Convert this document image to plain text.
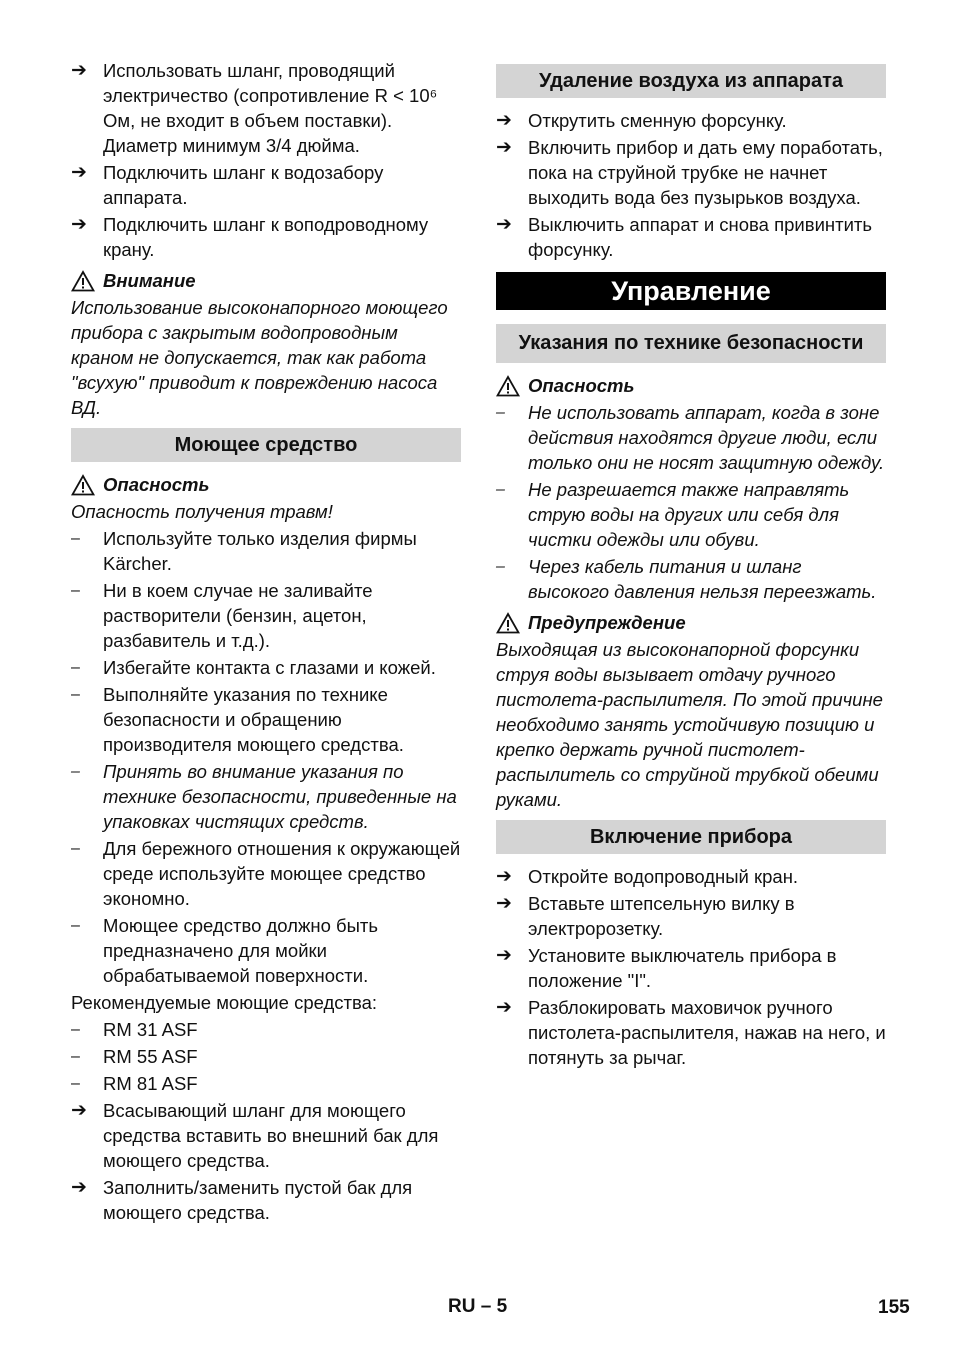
➔ Использовать шланг, проводящий электричество (сопротивление R < 10⁶ Ом, не входит в объем поставки). Диаметр минимум 3/4 дюйма.
➔ Подключить шланг к водозабору аппарата.
➔ Подключить шланг к воподроводному крану.
Внимание
Использование высоконапорного моющего прибора с закрытым водопроводным краном не допускается, так как работа "всухую" приводит к повреждению насоса ВД.
Моющее средство
Опасность
Опасность получения травм!
–	Используйте только изделия фирмы Kärcher.
–	Ни в коем случае не заливайте растворители (бензин, ацетон, разбавитель и т.д.).
–	Избегайте контакта с глазами и кожей.
–	Выполняйте указания по технике безопасности и обращению производителя моющего средства.
–	Принять во внимание указания по технике безопасности, приведенные на упаковках чистящих средств.
–	Для бережного отношения к окружающей среде используйте моющее средство экономно.
–	Моющее средство должно быть предназначено для мойки обрабатываемой поверхности.
Рекомендуемые моющие средства:
–	RM 31 ASF
–	RM 55 ASF
–	RM 81 ASF
➔ Всасывающий шланг для моющего средства вставить во внешний бак для моющего средства.
➔ Заполнить/заменить пустой бак для моющего средства.
Удаление воздуха из аппарата
➔ Открутить сменную форсунку.
➔ Включить прибор и дать ему поработать, пока на струйной трубке не начнет выходить вода без пузырьков воздуха.
➔ Выключить аппарат и снова привинтить форсунку.
Управление
Указания по технике безопасности
Опасность
–	Не использовать аппарат, когда в зоне действия находятся другие люди, если только они не носят защитную одежду.
–	Не разрешается также направлять струю воды на других или себя для чистки одежды или обуви.
–	Через кабель питания и шланг высокого давления нельзя переезжать.
Предупреждение
Выходящая из высоконапорной форсунки струя воды вызывает отдачу ручного пистолета-распылителя. По этой причине необходимо занять устойчивую позицию и крепко держать ручной пистолет-распылитель со струйной трубкой обеими руками.
Включение прибора
➔ Откройте водопроводный кран.
➔ Вставьте штепсельную вилку в электророзетку.
➔ Установите выключатель прибора в положение "I".
➔ Разблокировать маховичок ручного пистолета-распылителя, нажав на него, и потянуть за рычаг.
RU – 5	155
